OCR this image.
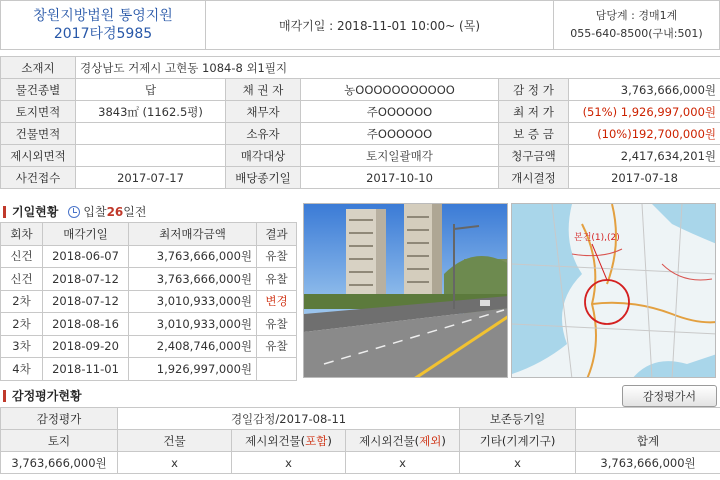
창원지방법원 통영지원
2017타경5985
매각기일 : 2018-11-01 10:00~ (목)
담당계 : 경매1계
055-640-8500(구내:501)
소재지	경상남도 거제시 고현동 1084-8 외1필지				
물건종별	답	채 권 자	농OOOOOOOOOOO	감 정 가	3,763,666,000원
토지면적	3843㎡ (1162.5평)	채무자	주OOOOOO	최 저 가	(51%) 1,926,997,000원
건물면적		소유자	주OOOOOO	보 증 금	(10%)192,700,000원
제시외면적		매각대상	토지일괄매각	청구금액	2,417,634,201원
사건접수	2017-07-17	배당종기일	2017-10-10	개시결정	2017-07-18
기일현황 입찰26일전
회차	매각기일	최저매각금액	결과
신건	2018-06-07	3,763,666,000원	유찰
신건	2018-07-12	3,763,666,000원	유찰
2차	2018-07-12	3,010,933,000원	변경
2차	2018-08-16	3,010,933,000원	유찰
3차	2018-09-20	2,408,746,000원	유찰
4차	2018-11-01	1,926,997,000원	
본건(1),(2)
감정평가현황	감정평가서
감정평가	경일감정/2017-08-11			보존등기일	
토지	건물	제시외건물(포함)	제시외건물(제외)	기타(기계기구)	합계
3,763,666,000원	x	x	x	x	3,763,666,000원
